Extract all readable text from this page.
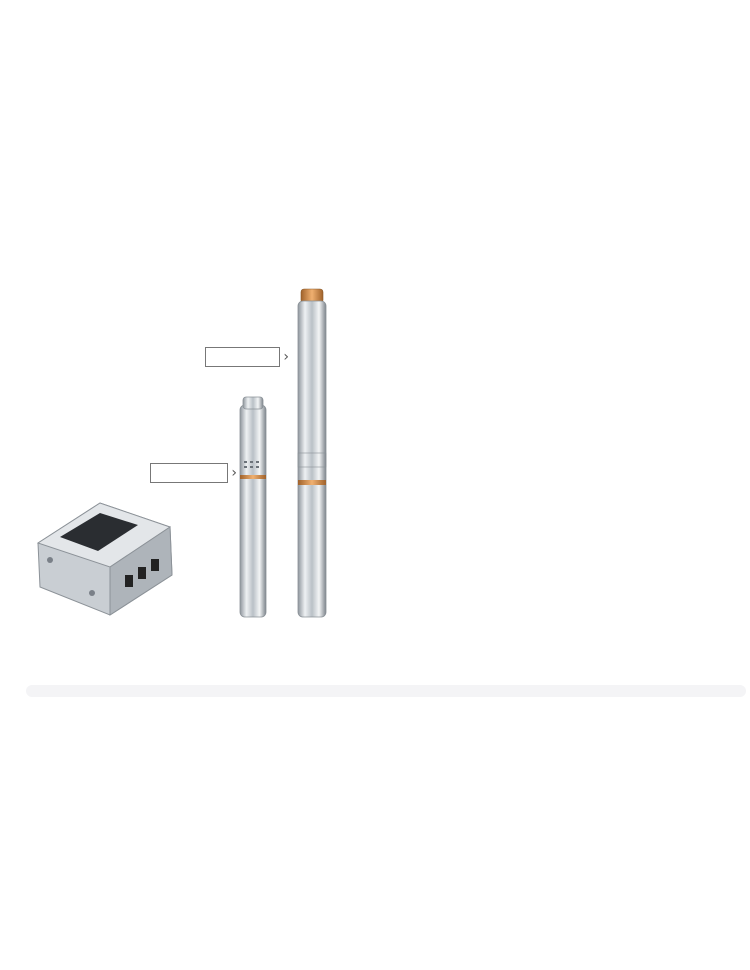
›
›
